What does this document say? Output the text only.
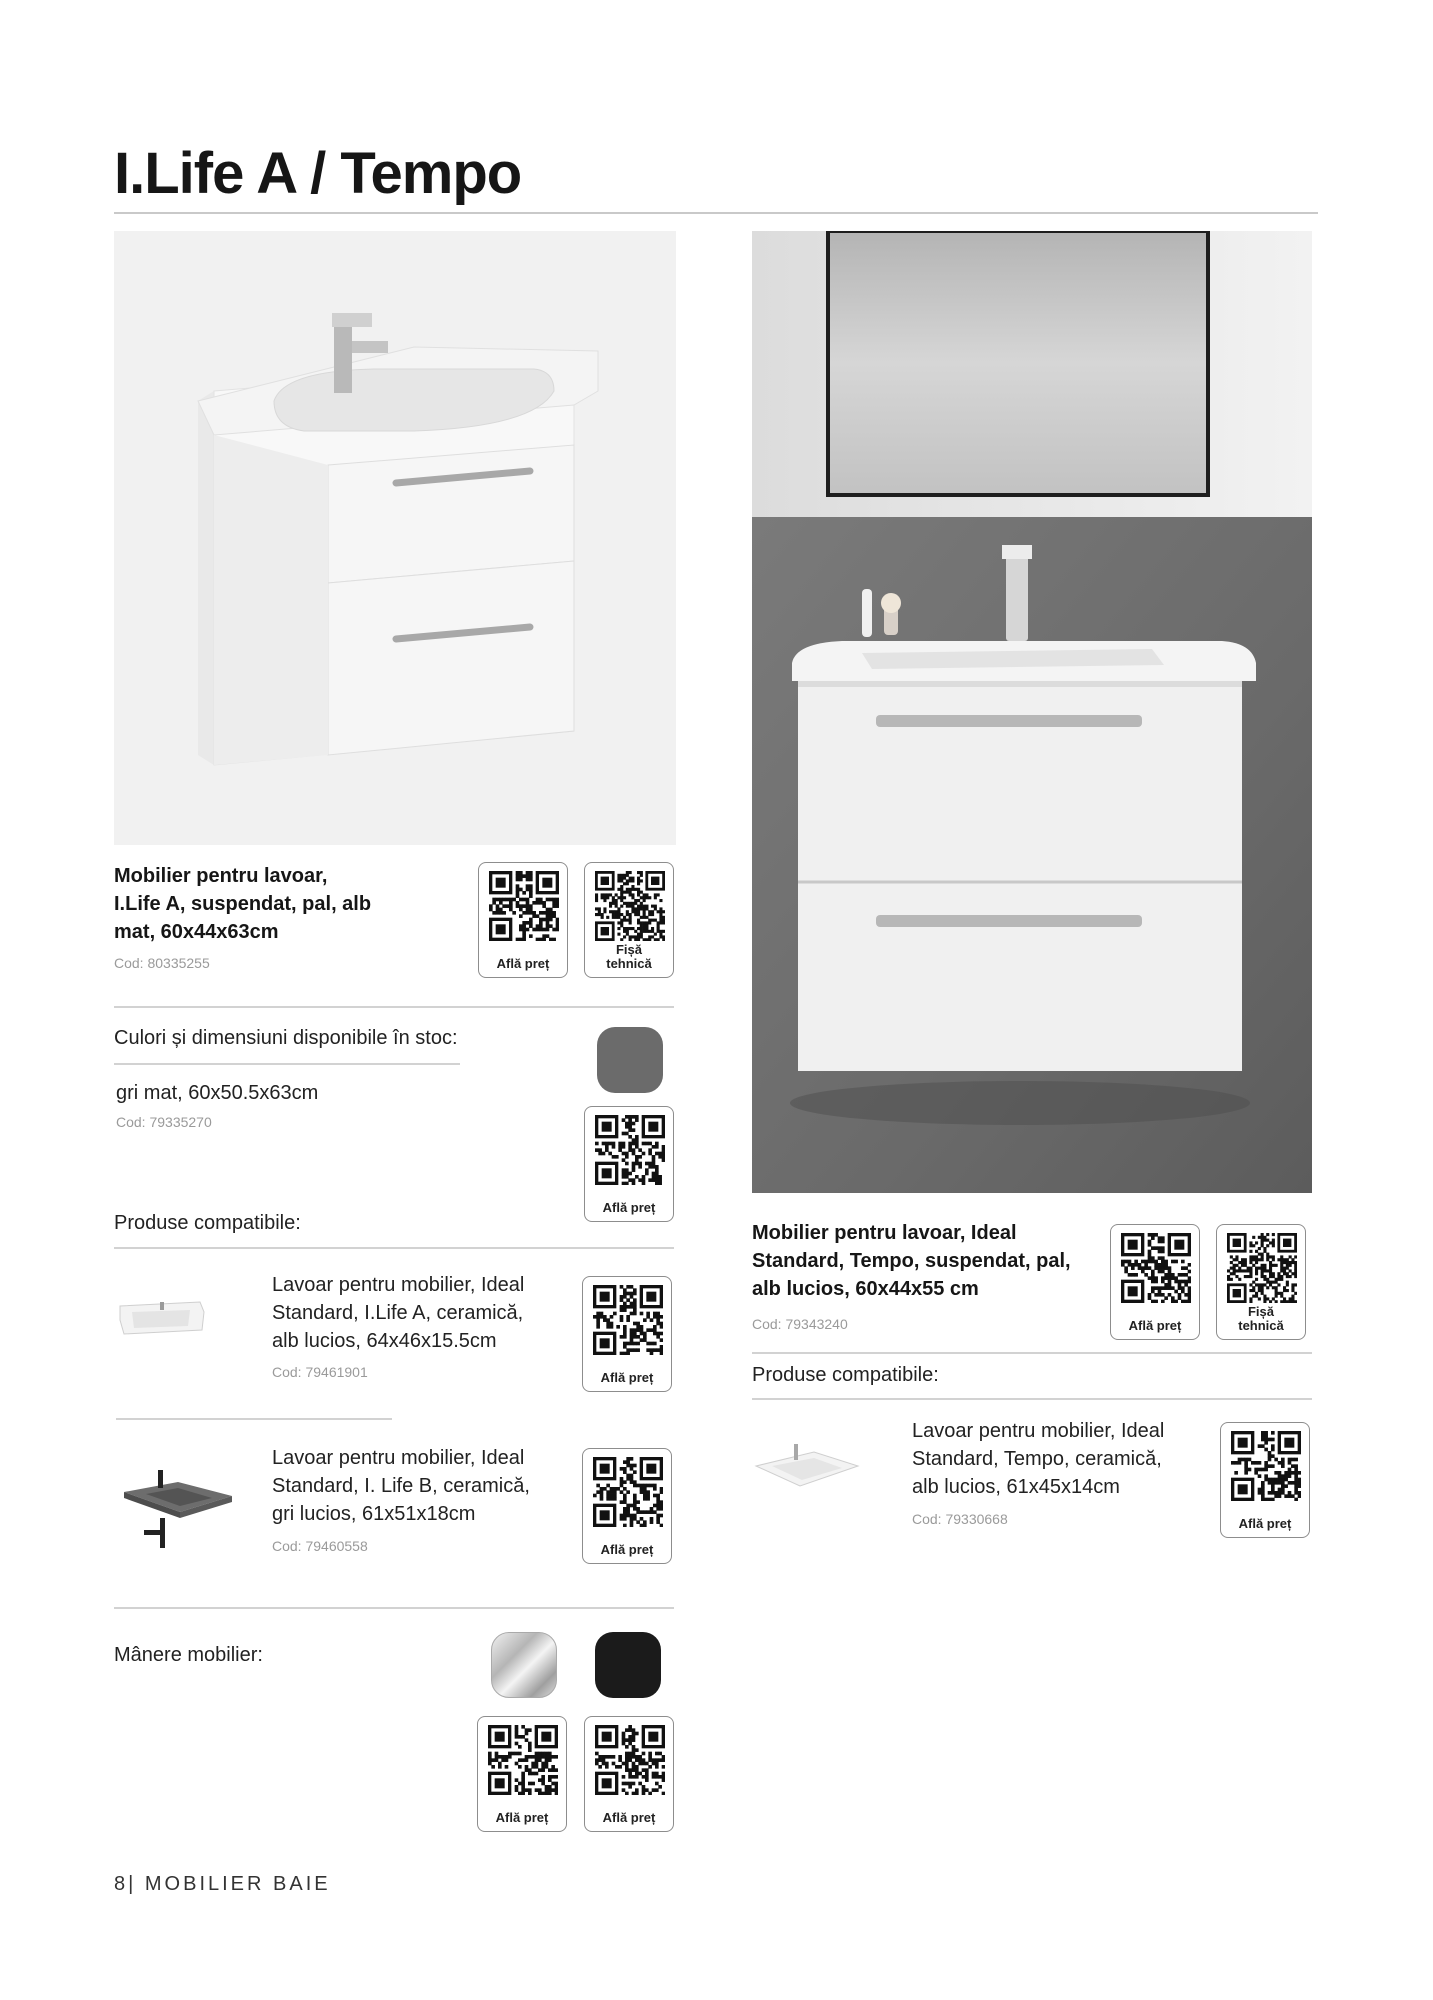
I.Life A / Tempo
Mobilier pentru lavoar,
I.Life A, suspendat, pal, alb
mat, 60x44x63cm
Cod: 80335255	Află preț
Fișă
tehnică
Culori și dimensiuni disponibile în stoc:
gri mat, 60x50.5x63cm
Cod: 79335270
Află preț
Produse compatibile:
Lavoar pentru mobilier, Ideal
Standard, I.Life A, ceramică,
alb lucios, 64x46x15.5cm
Cod: 79461901	Află preț
Lavoar pentru mobilier, Ideal
Standard, I. Life B, ceramică,
gri lucios, 61x51x18cm
Cod: 79460558	Află preț
Mânere mobilier:
Află preț	Află preț
Mobilier pentru lavoar, Ideal
Standard, Tempo, suspendat, pal,
alb lucios, 60x44x55 cm
Cod: 79343240	Află preț
Fișă
tehnică
Produse compatibile:
Lavoar pentru mobilier, Ideal
Standard, Tempo, ceramică,
alb lucios, 61x45x14cm
Cod: 79330668	Află preț
8| MOBILIER BAIE
